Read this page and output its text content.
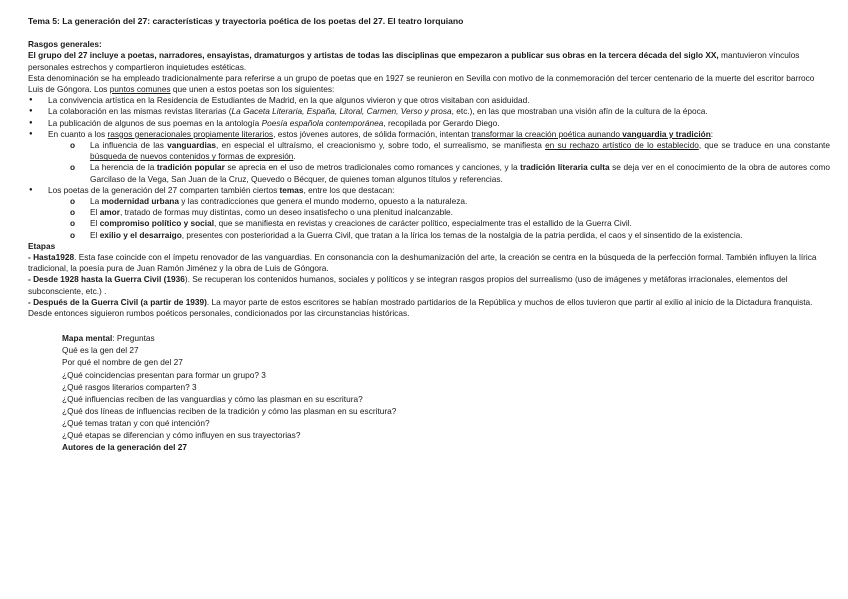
Tema 5: La generación del 27: características y trayectoria poética de los poetas del 27. El teatro lorquiano

Rasgos generales:

El grupo del 27 incluye a poetas, narradores, ensayistas, dramaturgos y artistas de todas las disciplinas que empezaron a publicar sus obras en la tercera década del siglo XX, mantuvieron vínculos personales estrechos y compartieron inquietudes estéticas.

Esta denominación se ha empleado tradicionalmente para referirse a un grupo de poetas que en 1927 se reunieron en Sevilla con motivo de la conmemoración del tercer centenario de la muerte del escritor barroco Luis de Góngora. Los puntos comunes que unen a estos poetas son los siguientes:

● La convivencia artística en la Residencia de Estudiantes de Madrid, en la que algunos vivieron y que otros visitaban con asiduidad.

● La colaboración en las mismas revistas literarias (La Gaceta Literaria, España, Litoral, Carmen, Verso y prosa, etc.), en las que mostraban una visión afín de la cultura de la época.

● La publicación de algunos de sus poemas en la antología Poesía española contemporánea, recopilada por Gerardo Diego.

● En cuanto a los rasgos generacionales propiamente literarios, estos jóvenes autores, de sólida formación, intentan transformar la creación poética aunando vanguardia y tradición:

o La influencia de las vanguardias, en especial el ultraísmo, el creacionismo y, sobre todo, el surrealismo, se manifiesta en su rechazo artístico de lo establecido, que se traduce en una constante búsqueda de nuevos contenidos y formas de expresión.

o La herencia de la tradición popular se aprecia en el uso de metros tradicionales como romances y canciones, y la tradición literaria culta se deja ver en el conocimiento de la obra de autores como Garcilaso de la Vega, San Juan de la Cruz, Quevedo o Bécquer, de quienes toman algunos títulos y referencias.

● Los poetas de la generación del 27 comparten también ciertos temas, entre los que destacan:

o La modernidad urbana y las contradicciones que genera el mundo moderno, opuesto a la naturaleza.

o El amor, tratado de formas muy distintas, como un deseo insatisfecho o una plenitud inalcanzable.

o El compromiso político y social, que se manifiesta en revistas y creaciones de carácter político, especialmente tras el estallido de la Guerra Civil.

o El exilio y el desarraigo, presentes con posterioridad a la Guerra Civil, que tratan a la lírica los temas de la nostalgia de la patria perdida, el caos y el sinsentido de la existencia.

Etapas

- Hasta1928. Esta fase coincide con el ímpetu renovador de las vanguardias. En consonancia con la deshumanización del arte, la creación se centra en la búsqueda de la perfección formal. También influyen la lírica tradicional, la poesía pura de Juan Ramón Jiménez y la obra de Luis de Góngora.

- Desde 1928 hasta la Guerra Civil (1936). Se recuperan los contenidos humanos, sociales y políticos y se integran rasgos propios del surrealismo (uso de imágenes y metáforas irracionales, elementos del subconsciente, etc.) .

- Después de la Guerra Civil (a partir de 1939). La mayor parte de estos escritores se habían mostrado partidarios de la República y muchos de ellos tuvieron que partir al exilio al inicio de la Dictadura franquista. Desde entonces siguieron rumbos poéticos personales, condicionados por las circunstancias históricas.

Mapa mental: Preguntas

Qué es la gen del 27

Por qué el nombre de gen del 27

¿Qué coincidencias presentan para formar un grupo? 3

¿Qué rasgos literarios comparten? 3

¿Qué influencias reciben de las vanguardias y cómo las plasman en su escritura?

¿Qué dos líneas de influencias reciben de la tradición y cómo las plasman en su escritura?

¿Qué temas tratan y con qué intención?

¿Qué etapas se diferencian y cómo influyen en sus trayectorias?

Autores de la generación del 27
